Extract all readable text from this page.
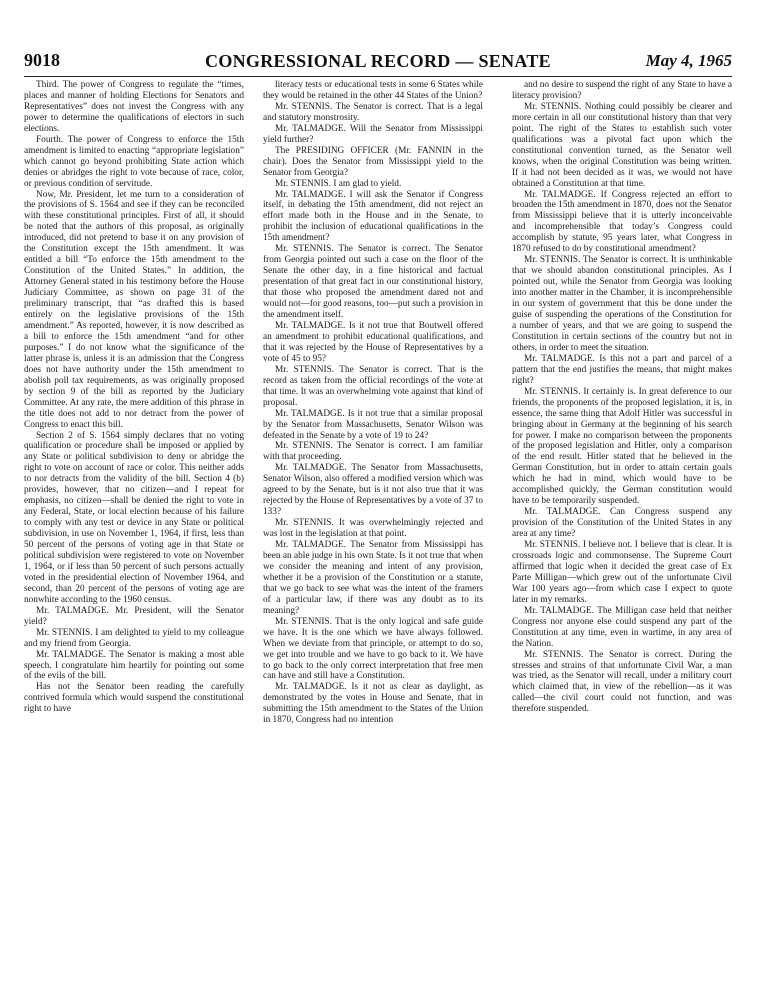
9018	CONGRESSIONAL RECORD — SENATE	May 4, 1965

Third. The power of Congress to regulate the “times, places and manner of holding Elections for Senators and Representatives” does not invest the Congress with any power to determine the qualifications of electors in such elections.

Fourth. The power of Congress to enforce the 15th amendment is limited to enacting “appropriate legislation” which cannot go beyond prohibiting State action which denies or abridges the right to vote because of race, color, or previous condition of servitude.

Now, Mr. President, let me turn to a consideration of the provisions of S. 1564 and see if they can be reconciled with these constitutional principles. First of all, it should be noted that the authors of this proposal, as originally introduced, did not pretend to base it on any provision of the Constitution except the 15th amendment. It was entitled a bill “To enforce the 15th amendment to the Constitution of the United States.” In addition, the Attorney General stated in his testimony before the House Judiciary Committee, as shown on page 31 of the preliminary transcript, that “as drafted this is based entirely on the legislative provisions of the 15th amendment.” As reported, however, it is now described as a bill to enforce the 15th amendment “and for other purposes.” I do not know what the significance of the latter phrase is, unless it is an admission that the Congress does not have authority under the 15th amendment to abolish poll tax requirements, as was originally proposed by section 9 of the bill as reported by the Judiciary Committee. At any rate, the mere addition of this phrase in the title does not add to nor detract from the power of Congress to enact this bill.

Section 2 of S. 1564 simply declares that no voting qualification or procedure shall be imposed or applied by any State or political subdivision to deny or abridge the right to vote on account of race or color. This neither adds to nor detracts from the validity of the bill. Section 4 (b) provides, however, that no citizen—and I repeat for emphasis, no citizen—shall be denied the right to vote in any Federal, State, or local election because of his failure to comply with any test or device in any State or political subdivision, in use on November 1, 1964, if first, less than 50 percent of the persons of voting age in that State or political subdivision were registered to vote on November 1, 1964, or if less than 50 percent of such persons actually voted in the presidential election of November 1964, and second, than 20 percent of the persons of voting age are nonwhite according to the 1960 census.

Mr. TALMADGE. Mr. President, will the Senator yield?

Mr. STENNIS. I am delighted to yield to my colleague and my friend from Georgia.

Mr. TALMADGE. The Senator is making a most able speech. I congratulate him heartily for pointing out some of the evils of the bill.

Has not the Senator been reading the carefully contrived formula which would suspend the constitutional right to have

literacy tests or educational tests in some 6 States while they would be retained in the other 44 States of the Union?

Mr. STENNIS. The Senator is correct. That is a legal and statutory monstrosity.

Mr. TALMADGE. Will the Senator from Mississippi yield further?

The PRESIDING OFFICER (Mr. FANNIN in the chair). Does the Senator from Mississippi yield to the Senator from Georgia?

Mr. STENNIS. I am glad to yield.

Mr. TALMADGE. I will ask the Senator if Congress itself, in debating the 15th amendment, did not reject an effort made both in the House and in the Senate, to prohibit the inclusion of educational qualifications in the 15th amendment?

Mr. STENNIS. The Senator is correct. The Senator from Georgia pointed out such a case on the floor of the Senate the other day, in a fine historical and factual presentation of that great fact in our constitutional history, that those who proposed the amendment dared not and would not—for good reasons, too—put such a provision in the amendment itself.

Mr. TALMADGE. Is it not true that Boutwell offered an amendment to prohibit educational qualifications, and that it was rejected by the House of Representatives by a vote of 45 to 95?

Mr. STENNIS. The Senator is correct. That is the record as taken from the official recordings of the vote at that time. It was an overwhelming vote against that kind of proposal.

Mr. TALMADGE. Is it not true that a similar proposal by the Senator from Massachusetts, Senator Wilson was defeated in the Senate by a vote of 19 to 24?

Mr. STENNIS. The Senator is correct. I am familiar with that proceeding.

Mr. TALMADGE. The Senator from Massachusetts, Senator Wilson, also offered a modified version which was agreed to by the Senate, but is it not also true that it was rejected by the House of Representatives by a vote of 37 to 133?

Mr. STENNIS. It was overwhelmingly rejected and was lost in the legislation at that point.

Mr. TALMADGE. The Senator from Mississippi has been an able judge in his own State. Is it not true that when we consider the meaning and intent of any provision, whether it be a provision of the Constitution or a statute, that we go back to see what was the intent of the framers of a particular law, if there was any doubt as to its meaning?

Mr. STENNIS. That is the only logical and safe guide we have. It is the one which we have always followed. When we deviate from that principle, or attempt to do so, we get into trouble and we have to go back to it. We have to go back to the only correct interpretation that free men can have and still have a Constitution.

Mr. TALMADGE. Is it not as clear as daylight, as demonstrated by the votes in House and Senate, that in submitting the 15th amendment to the States of the Union in 1870, Congress had no intention

and no desire to suspend the right of any State to have a literacy provision?

Mr. STENNIS. Nothing could possibly be clearer and more certain in all our constitutional history than that very point. The right of the States to establish such voter qualifications was a pivotal fact upon which the constitutional convention turned, as the Senator well knows, when the original Constitution was being written. If it had not been decided as it was, we would not have obtained a Constitution at that time.

Mr. TALMADGE. If Congress rejected an effort to broaden the 15th amendment in 1870, does not the Senator from Mississippi believe that it is utterly inconceivable and incomprehensible that today’s Congress could accomplish by statute, 95 years later, what Congress in 1870 refused to do by constitutional amendment?

Mr. STENNIS. The Senator is correct. It is unthinkable that we should abandon constitutional principles. As I pointed out, while the Senator from Georgia was looking into another matter in the Chamber, it is incomprehensible in our system of government that this be done under the guise of suspending the operations of the Constitution for a number of years, and that we are going to suspend the Constitution in certain sections of the country but not in others, in order to meet the situation.

Mr. TALMADGE. Is this not a part and parcel of a pattern that the end justifies the means, that might makes right?

Mr. STENNIS. It certainly is. In great deference to our friends, the proponents of the proposed legislation, it is, in essence, the same thing that Adolf Hitler was successful in bringing about in Germany at the beginning of his search for power. I make no comparison between the proponents of the proposed legislation and Hitler, only a comparison of the end result. Hitler stated that he believed in the German Constitution, but in order to attain certain goals which he had in mind, which would have to be accomplished quickly, the German constitution would have to be temporarily suspended.

Mr. TALMADGE. Can Congress suspend any provision of the Constitution of the United States in any area at any time?

Mr. STENNIS. I believe not. I believe that is clear. It is crossroads logic and commonsense. The Supreme Court affirmed that logic when it decided the great case of Ex Parte Milligan—which grew out of the unfortunate Civil War 100 years ago—from which case I expect to quote later in my remarks.

Mr. TALMADGE. The Milligan case held that neither Congress nor anyone else could suspend any part of the Constitution at any time, even in wartime, in any area of the Nation.

Mr. STENNIS. The Senator is correct. During the stresses and strains of that unfortunate Civil War, a man was tried, as the Senator will recall, under a military court which claimed that, in view of the rebellion—as it was called—the civil court could not function, and was therefore suspended.
